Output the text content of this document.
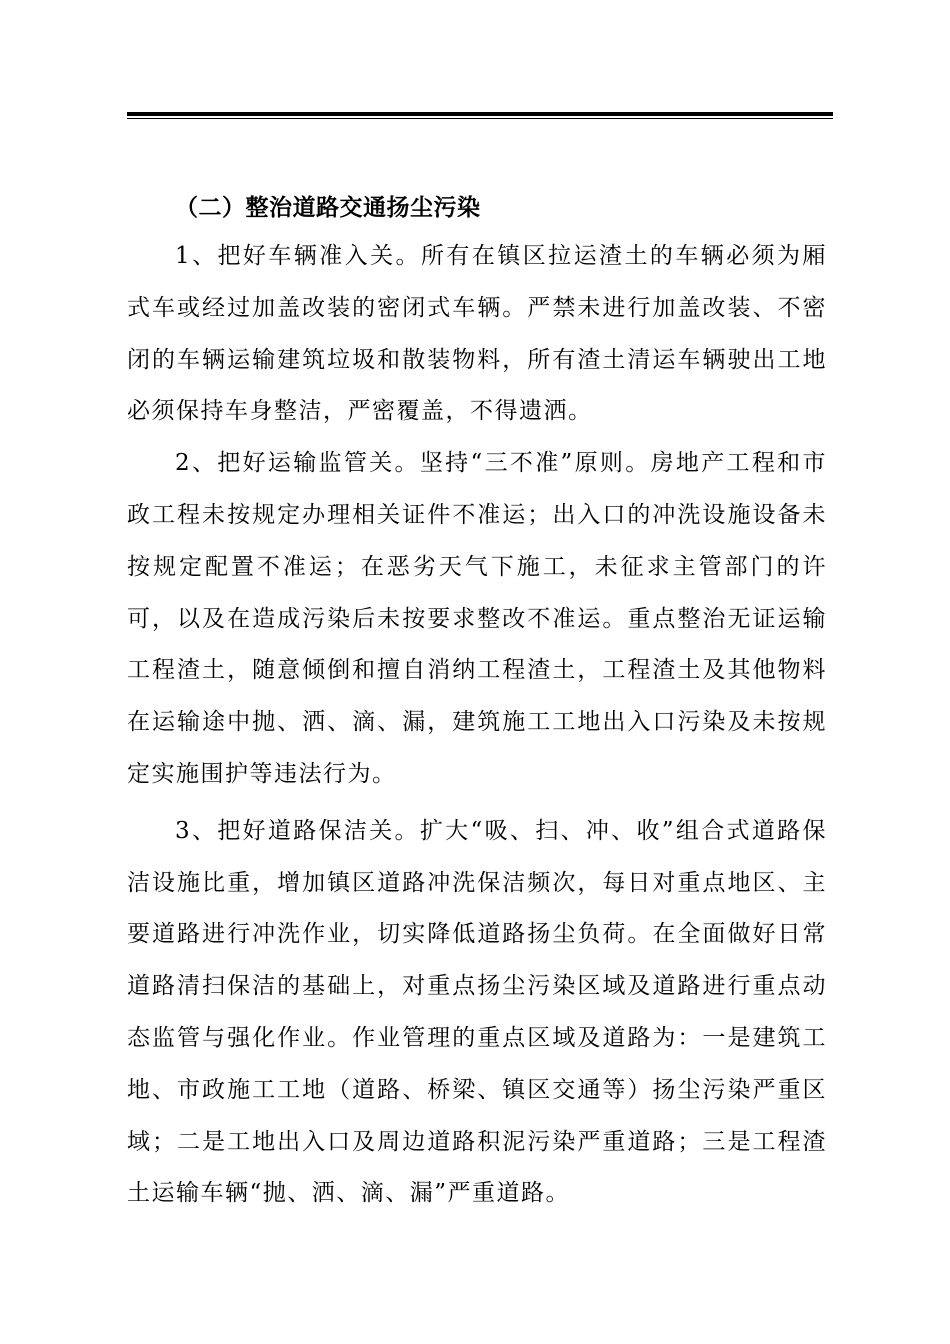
（二）整治道路交通扬尘污染

1、把好车辆准入关。所有在镇区拉运渣土的车辆必须为厢式车或经过加盖改装的密闭式车辆。严禁未进行加盖改装、不密闭的车辆运输建筑垃圾和散装物料，所有渣土清运车辆驶出工地必须保持车身整洁，严密覆盖，不得遗洒。

2、把好运输监管关。坚持“三不准”原则。房地产工程和市政工程未按规定办理相关证件不准运；出入口的冲洗设施设备未按规定配置不准运；在恶劣天气下施工，未征求主管部门的许可，以及在造成污染后未按要求整改不准运。重点整治无证运输工程渣土，随意倾倒和擅自消纳工程渣土，工程渣土及其他物料在运输途中抛、洒、滴、漏，建筑施工工地出入口污染及未按规定实施围护等违法行为。

3、把好道路保洁关。扩大“吸、扫、冲、收”组合式道路保洁设施比重，增加镇区道路冲洗保洁频次，每日对重点地区、主要道路进行冲洗作业，切实降低道路扬尘负荷。在全面做好日常道路清扫保洁的基础上，对重点扬尘污染区域及道路进行重点动态监管与强化作业。作业管理的重点区域及道路为：一是建筑工地、市政施工工地（道路、桥梁、镇区交通等）扬尘污染严重区域；二是工地出入口及周边道路积泥污染严重道路；三是工程渣土运输车辆“抛、洒、滴、漏”严重道路。
